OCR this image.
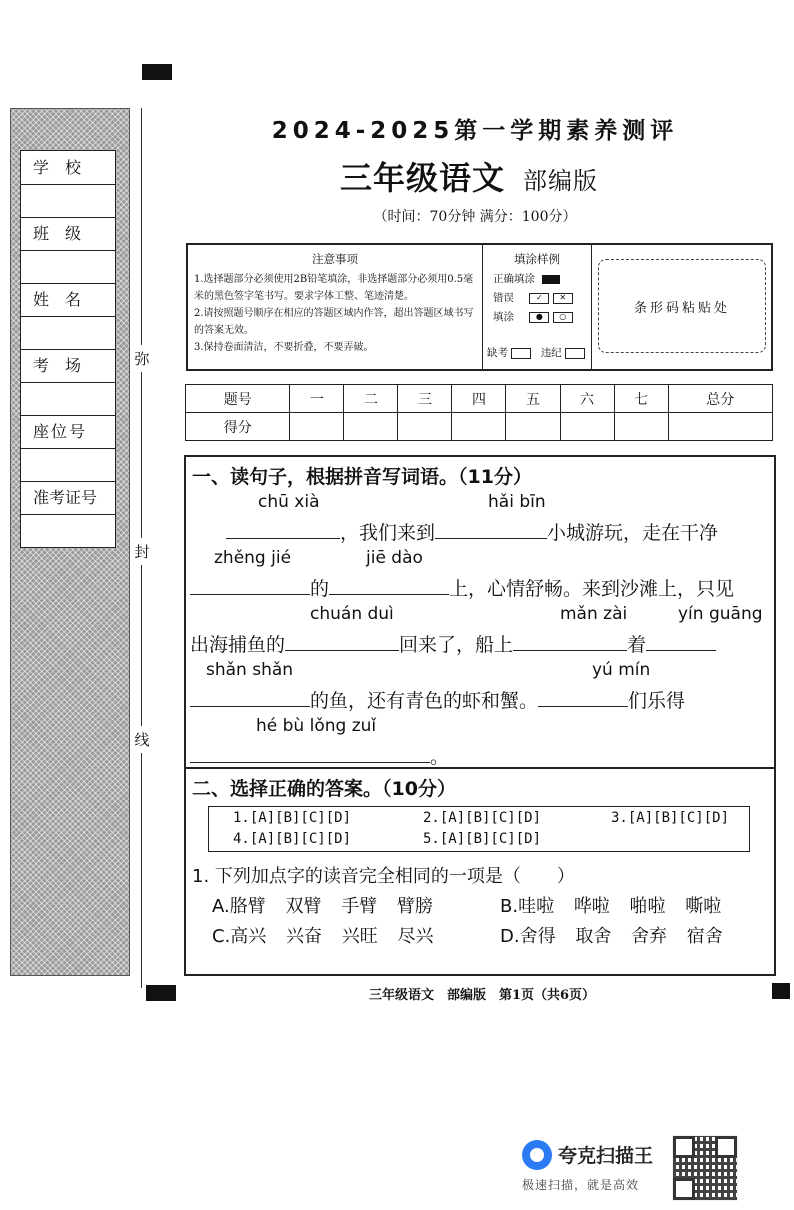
学　校
班　级
姓　名
考　场
座位号
准考证号
弥
封
线
2024-2025第一学期素养测评
三年级语文 部编版
（时间：70分钟 满分：100分）
注意事项

1.选择题部分必须使用2B铅笔填涂，非选择题部分必须用0.5毫米的黑色签字笔书写。要求字体工整、笔迹清楚。

2.请按照题号顺序在相应的答题区域内作答，超出答题区域书写的答案无效。

3.保持卷面清洁，不要折叠，不要弄破。

填涂样例
正确填涂
错误	✓ ✕
填涂	● ○
缺考	违纪
条形码粘贴处
题号	一	二	三	四	五	六	七	总分
得分								
一、读句子，根据拼音写词语。（11分）
chū xià	hǎi bīn
，我们来到	小城游玩，走在干净
zhěng jié	jiē dào
的	上，心情舒畅。来到沙滩上，只见
chuán duì	mǎn zài	yín guāng
出海捕鱼的	回来了，船上	着
shǎn shǎn	yú mín
的鱼，还有青色的虾和蟹。	们乐得
hé bù lǒng zuǐ
。
二、选择正确的答案。（10分）
1.[A][B][C][D]	2.[A][B][C][D]	3.[A][B][C][D]
4.[A][B][C][D]	5.[A][B][C][D]
1. 下列加点字的读音完全相同的一项是（　　）
A.胳臂 双臂 手臂 臂膀	B.哇啦 哗啦 啪啦 嘶啦
C.高兴 兴奋 兴旺 尽兴	D.舍得 取舍 舍弃 宿舍
三年级语文　部编版　第1页（共6页）
夸克扫描王
极速扫描，就是高效
